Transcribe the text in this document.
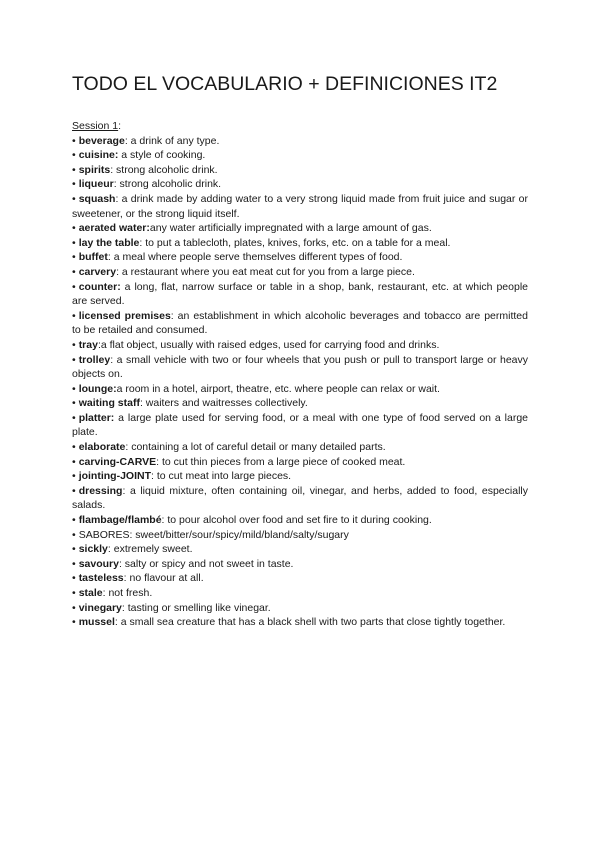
TODO EL VOCABULARIO + DEFINICIONES IT2

Session 1:

• beverage: a drink of any type.
• cuisine: a style of cooking.
• spirits: strong alcoholic drink.
• liqueur: strong alcoholic drink.
• squash: a drink made by adding water to a very strong liquid made from fruit juice and sugar or sweetener, or the strong liquid itself.
• aerated water:any water artificially impregnated with a large amount of gas.
• lay the table: to put a tablecloth, plates, knives, forks, etc. on a table for a meal.
• buffet: a meal where people serve themselves different types of food.
• carvery: a restaurant where you eat meat cut for you from a large piece.
• counter: a long, flat, narrow surface or table in a shop, bank, restaurant, etc. at which people are served.
• licensed premises: an establishment in which alcoholic beverages and tobacco are permitted to be retailed and consumed.
• tray:a flat object, usually with raised edges, used for carrying food and drinks.
• trolley: a small vehicle with two or four wheels that you push or pull to transport large or heavy objects on.
• lounge:a room in a hotel, airport, theatre, etc. where people can relax or wait.
• waiting staff: waiters and waitresses collectively.
• platter: a large plate used for serving food, or a meal with one type of food served on a large plate.
• elaborate: containing a lot of careful detail or many detailed parts.
• carving-CARVE: to cut thin pieces from a large piece of cooked meat.
• jointing-JOINT: to cut meat into large pieces.
• dressing: a liquid mixture, often containing oil, vinegar, and herbs, added to food, especially salads.
• flambage/flambé: to pour alcohol over food and set fire to it during cooking.
• SABORES: sweet/bitter/sour/spicy/mild/bland/salty/sugary
• sickly: extremely sweet.
• savoury: salty or spicy and not sweet in taste.
• tasteless: no flavour at all.
• stale: not fresh.
• vinegary: tasting or smelling like vinegar.
• mussel: a small sea creature that has a black shell with two parts that close tightly together.
